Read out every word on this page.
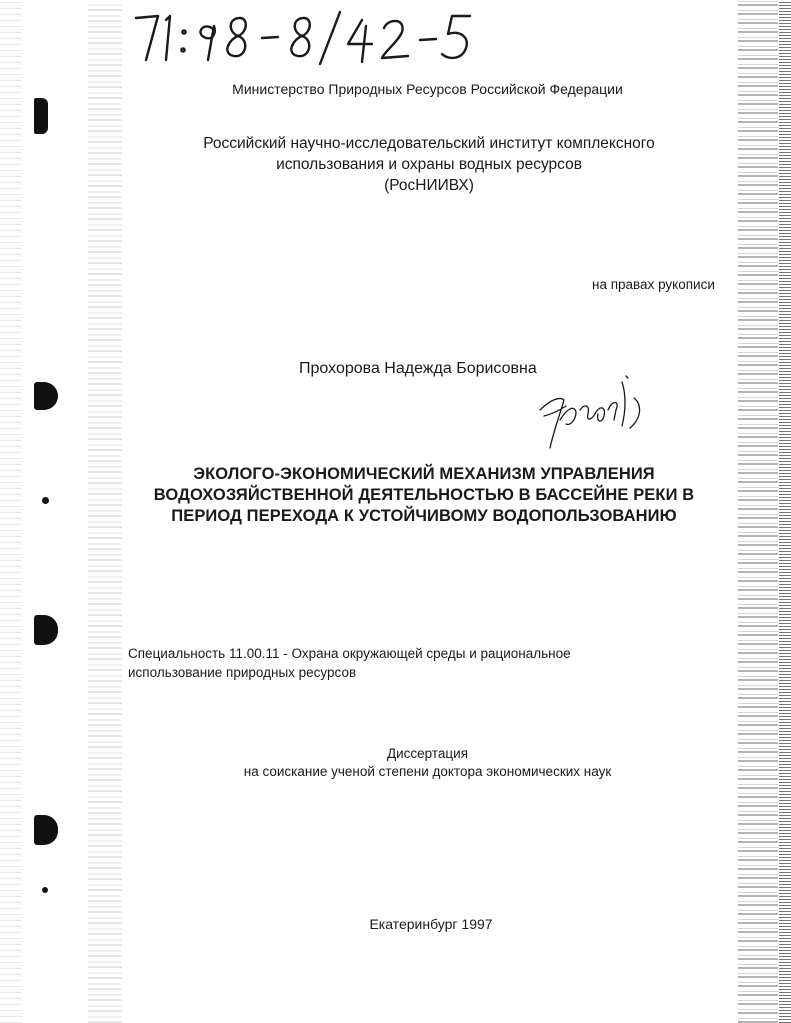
Министерство Природных Ресурсов Российской Федерации
Российский научно-исследовательский институт комплексного
использования и охраны водных ресурсов
(РосНИИВХ)
на правах рукописи
Прохорова Надежда Борисовна
ЭКОЛОГО-ЭКОНОМИЧЕСКИЙ МЕХАНИЗМ УПРАВЛЕНИЯ
ВОДОХОЗЯЙСТВЕННОЙ ДЕЯТЕЛЬНОСТЬЮ В БАССЕЙНЕ РЕКИ В
ПЕРИОД ПЕРЕХОДА К УСТОЙЧИВОМУ ВОДОПОЛЬЗОВАНИЮ
Специальность 11.00.11 - Охрана окружающей среды и рациональное
использование природных ресурсов
Диссертация
на соискание ученой степени доктора экономических наук
Екатеринбург 1997
